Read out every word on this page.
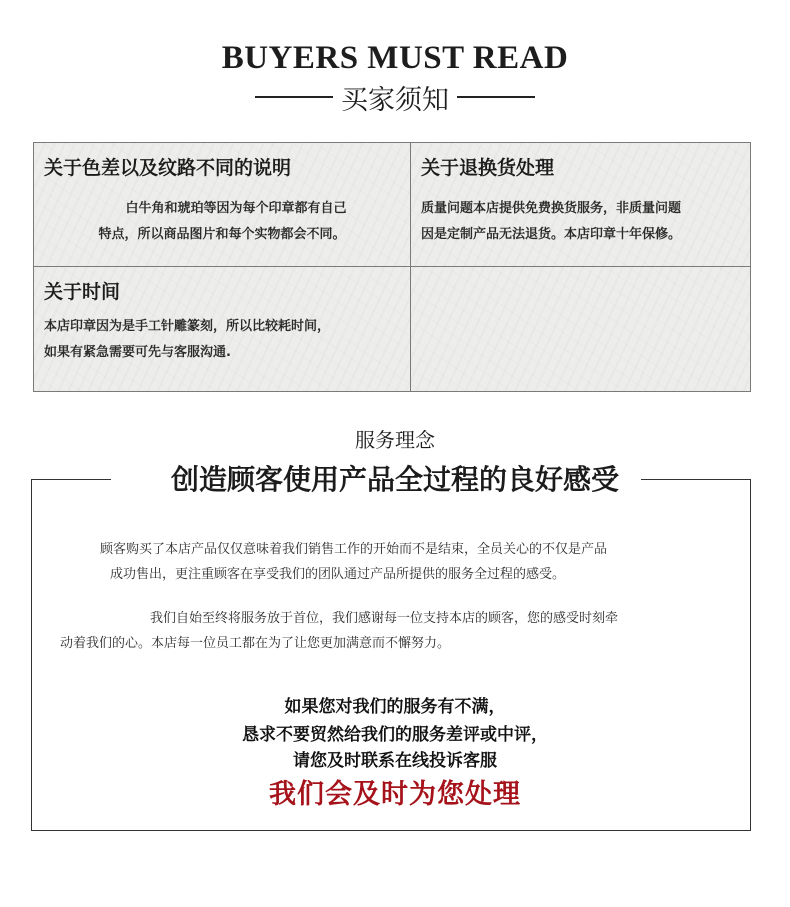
BUYERS MUST READ
买家须知
关于色差以及纹路不同的说明
白牛角和琥珀等因为每个印章都有自己
特点，所以商品图片和每个实物都会不同。
关于退换货处理
质量问题本店提供免费换货服务，非质量问题
因是定制产品无法退货。本店印章十年保修。
关于时间
本店印章因为是手工针雕篆刻，所以比较耗时间，
如果有紧急需要可先与客服沟通.
服务理念
创造顾客使用产品全过程的良好感受
顾客购买了本店产品仅仅意味着我们销售工作的开始而不是结束，全员关心的不仅是产品
成功售出，更注重顾客在享受我们的团队通过产品所提供的服务全过程的感受。
我们自始至终将服务放于首位，我们感谢每一位支持本店的顾客，您的感受时刻牵
动着我们的心。本店每一位员工都在为了让您更加满意而不懈努力。
如果您对我们的服务有不满，
恳求不要贸然给我们的服务差评或中评，
请您及时联系在线投诉客服
我们会及时为您处理
